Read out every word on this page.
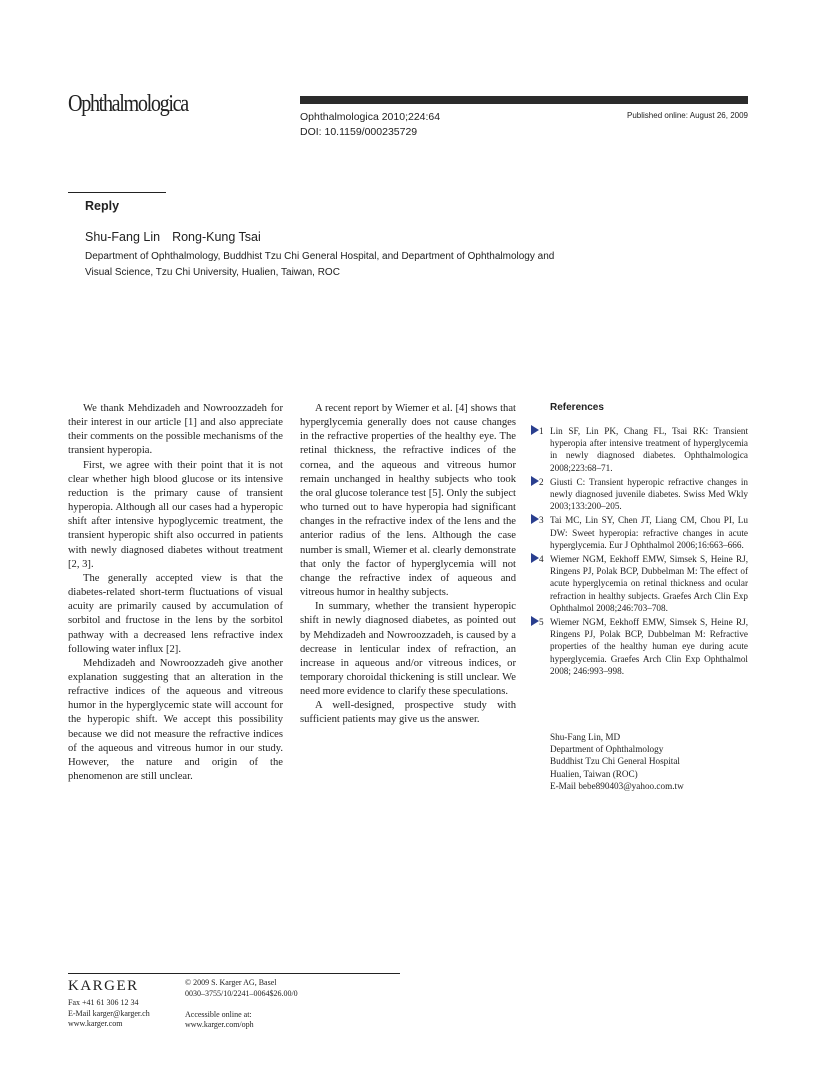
Ophthalmologica	Ophthalmologica 2010;224:64
DOI: 10.1159/000235729
Published online: August 26, 2009
Reply
Shu-Fang Lin Rong-Kung Tsai
Department of Ophthalmology, Buddhist Tzu Chi General Hospital, and Department of Ophthalmology and
Visual Science, Tzu Chi University, Hualien, Taiwan, ROC

We thank Mehdizadeh and Nowroozzadeh for their interest in our article [1] and also appreciate their comments on the possible mechanisms of the transient hyperopia.

First, we agree with their point that it is not clear whether high blood glucose or its intensive reduction is the primary cause of transient hyperopia. Although all our cases had a hyperopic shift after intensive hypoglycemic treatment, the transient hyperopic shift also occurred in patients with newly diagnosed diabetes without treatment [2, 3].

The generally accepted view is that the diabetes-related short-term fluctuations of visual acuity are primarily caused by accumulation of sorbitol and fructose in the lens by the sorbitol pathway with a decreased lens refractive index following water influx [2].

Mehdizadeh and Nowroozzadeh give another explanation suggesting that an alteration in the refractive indices of the aqueous and vitreous humor in the hyperglycemic state will account for the hyperopic shift. We accept this possibility because we did not measure the refractive indices of the aqueous and vitreous humor in our study. However, the nature and origin of the phenomenon are still unclear.

A recent report by Wiemer et al. [4] shows that hyperglycemia generally does not cause changes in the refractive properties of the healthy eye. The retinal thickness, the refractive indices of the cornea, and the aqueous and vitreous humor remain unchanged in healthy subjects who took the oral glucose tolerance test [5]. Only the subject who turned out to have hyperopia had significant changes in the refractive index of the lens and the anterior radius of the lens. Although the case number is small, Wiemer et al. clearly demonstrate that only the factor of hyperglycemia will not change the refractive index of aqueous and vitreous humor in healthy subjects.

In summary, whether the transient hyperopic shift in newly diagnosed diabetes, as pointed out by Mehdizadeh and Nowroozzadeh, is caused by a decrease in lenticular index of refraction, an increase in aqueous and/or vitreous indices, or temporary choroidal thickening is still unclear. We need more evidence to clarify these speculations.

A well-designed, prospective study with sufficient patients may give us the answer.

References
1 Lin SF, Lin PK, Chang FL, Tsai RK: Transient hyperopia after intensive treatment of hyperglycemia in newly diagnosed diabetes. Ophthalmologica 2008;223:68–71.
2 Giusti C: Transient hyperopic refractive changes in newly diagnosed juvenile diabetes. Swiss Med Wkly 2003;133:200–205.
3 Tai MC, Lin SY, Chen JT, Liang CM, Chou PI, Lu DW: Sweet hyperopia: refractive changes in acute hyperglycemia. Eur J Ophthalmol 2006;16:663–666.
4 Wiemer NGM, Eekhoff EMW, Simsek S, Heine RJ, Ringens PJ, Polak BCP, Dubbelman M: The effect of acute hyperglycemia on retinal thickness and ocular refraction in healthy subjects. Graefes Arch Clin Exp Ophthalmol 2008;246:703–708.
5 Wiemer NGM, Eekhoff EMW, Simsek S, Heine RJ, Ringens PJ, Polak BCP, Dubbelman M: Refractive properties of the healthy human eye during acute hyperglycemia. Graefes Arch Clin Exp Ophthalmol 2008; 246:993–998.
Shu-Fang Lin, MD
Department of Ophthalmology
Buddhist Tzu Chi General Hospital
Hualien, Taiwan (ROC)
E-Mail bebe890403@yahoo.com.tw
KARGER
Fax +41 61 306 12 34
E-Mail karger@karger.ch
www.karger.com
© 2009 S. Karger AG, Basel
0030–3755/10/2241–0064$26.00/0
Accessible online at:
www.karger.com/oph
